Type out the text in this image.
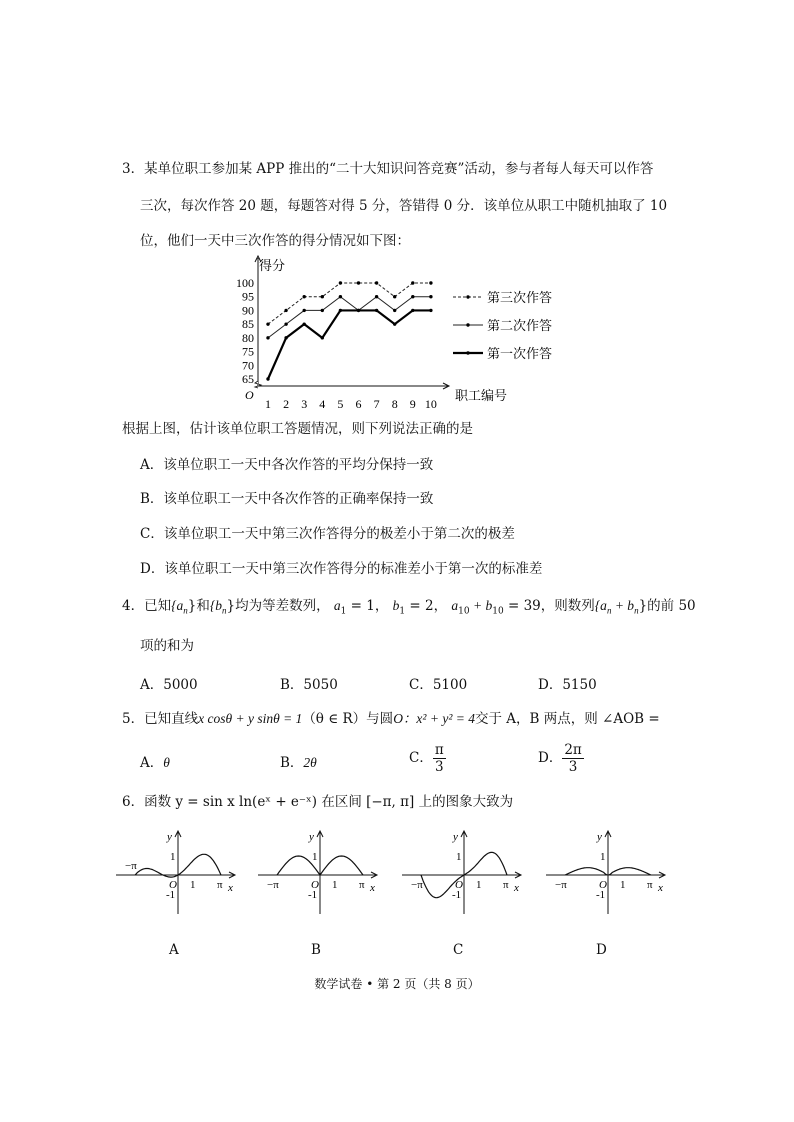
3．某单位职工参加某 APP 推出的“二十大知识问答竞赛”活动，参与者每人每天可以作答
三次，每次作答 20 题，每题答对得 5 分，答错得 0 分．该单位从职工中随机抽取了 10
位，他们一天中三次作答的得分情况如下图：
得分
职工编号
O
65
70
75
80
85
90
95
100
1 2 3 4 5 6 7 8 9 10
第三次作答
第二次作答
第一次作答
根据上图，估计该单位职工答题情况，则下列说法正确的是
A．该单位职工一天中各次作答的平均分保持一致
B．该单位职工一天中各次作答的正确率保持一致
C．该单位职工一天中第三次作答得分的极差小于第二次的极差
D．该单位职工一天中第三次作答得分的标准差小于第一次的标准差
4．已知$\{a_n\}$和$\{b_n\}$均为等差数列， $a_1 = 1$， $b_1 = 2$， $a_{10} + b_{10} = 39$，则数列$\{a_n + b_n\}$的前 50
项的和为
A．5000	B．5050	C．5100	D．5150
5．已知直线x cosθ + y sinθ = 1（θ ∈ R）与圆O：x² + y² = 4交于 A，B 两点，则 ∠AOB =
A．θ	B．2θ	C． $\frac{\pi}{3}$	D． $\frac{2\pi}{3}$
6．函数 y = sin x ln(eˣ + e⁻ˣ) 在区间 [−π, π] 上的图象大致为
y
x
O
1
-1
1 π
−π
y
x
O
1
-1
1 π
−π
y
x
O
1
-1
1 π
−π
y
x
O
1
-1
1 π
−π
A	B	C	D
数学试卷 • 第 2 页（共 8 页）
